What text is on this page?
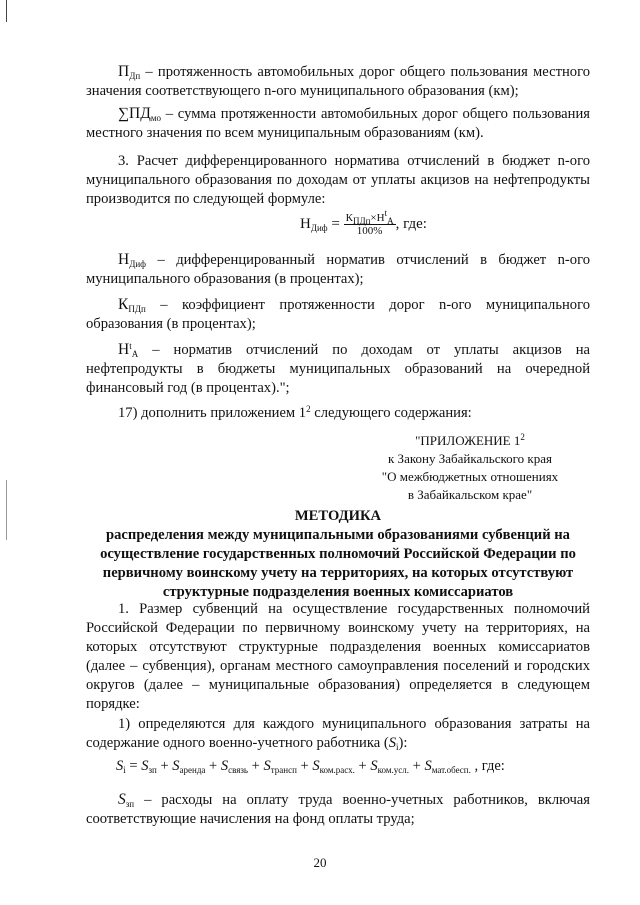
$П_{Дп}$ – протяженность автомобильных дорог общего пользования местного значения соответствующего n-ого муниципального образования (км);

$\sum ПД_{мо}$ – сумма протяженности автомобильных дорог общего пользования местного значения по всем муниципальным образованиям (км).

3. Расчет дифференцированного норматива отчислений в бюджет n-ого муниципального образования по доходам от уплаты акцизов на нефтепродукты производится по следующей формуле:

$Н_{Диф} = \frac{К_{ПДп}\times Н^t_А}{100\%}$ , где:

$Н_{Диф}$ – дифференцированный норматив отчислений в бюджет n-ого муниципального образования (в процентах);

$К_{ПДп}$ – коэффициент протяженности дорог n-ого муниципального образования (в процентах);

$Н^t_А$ – норматив отчислений по доходам от уплаты акцизов на нефтепродукты в бюджеты муниципальных образований на очередной финансовый год (в процентах).";

17) дополнить приложением $1^2$ следующего содержания:

"ПРИЛОЖЕНИЕ $1^2$
к Закону Забайкальского края
"О межбюджетных отношениях
в Забайкальском крае"
МЕТОДИКА
распределения между муниципальными образованиями субвенций на осуществление государственных полномочий Российской Федерации по первичному воинскому учету на территориях, на которых отсутствуют структурные подразделения военных комиссариатов

1. Размер субвенций на осуществление государственных полномочий Российской Федерации по первичному воинскому учету на территориях, на которых отсутствуют структурные подразделения военных комиссариатов (далее – субвенция), органам местного самоуправления поселений и городских округов (далее – муниципальные образования) определяется в следующем порядке:

1) определяются для каждого муниципального образования затраты на содержание одного военно-учетного работника $(S_i)$:

$S_i = S_{зп} + S_{аренда} + S_{связь} + S_{трансп} + S_{ком.расх.} + S_{ком.усл.} + S_{мат.обесп.}$ , где:

$S_{зп}$ – расходы на оплату труда военно-учетных работников, включая соответствующие начисления на фонд оплаты труда;

20
